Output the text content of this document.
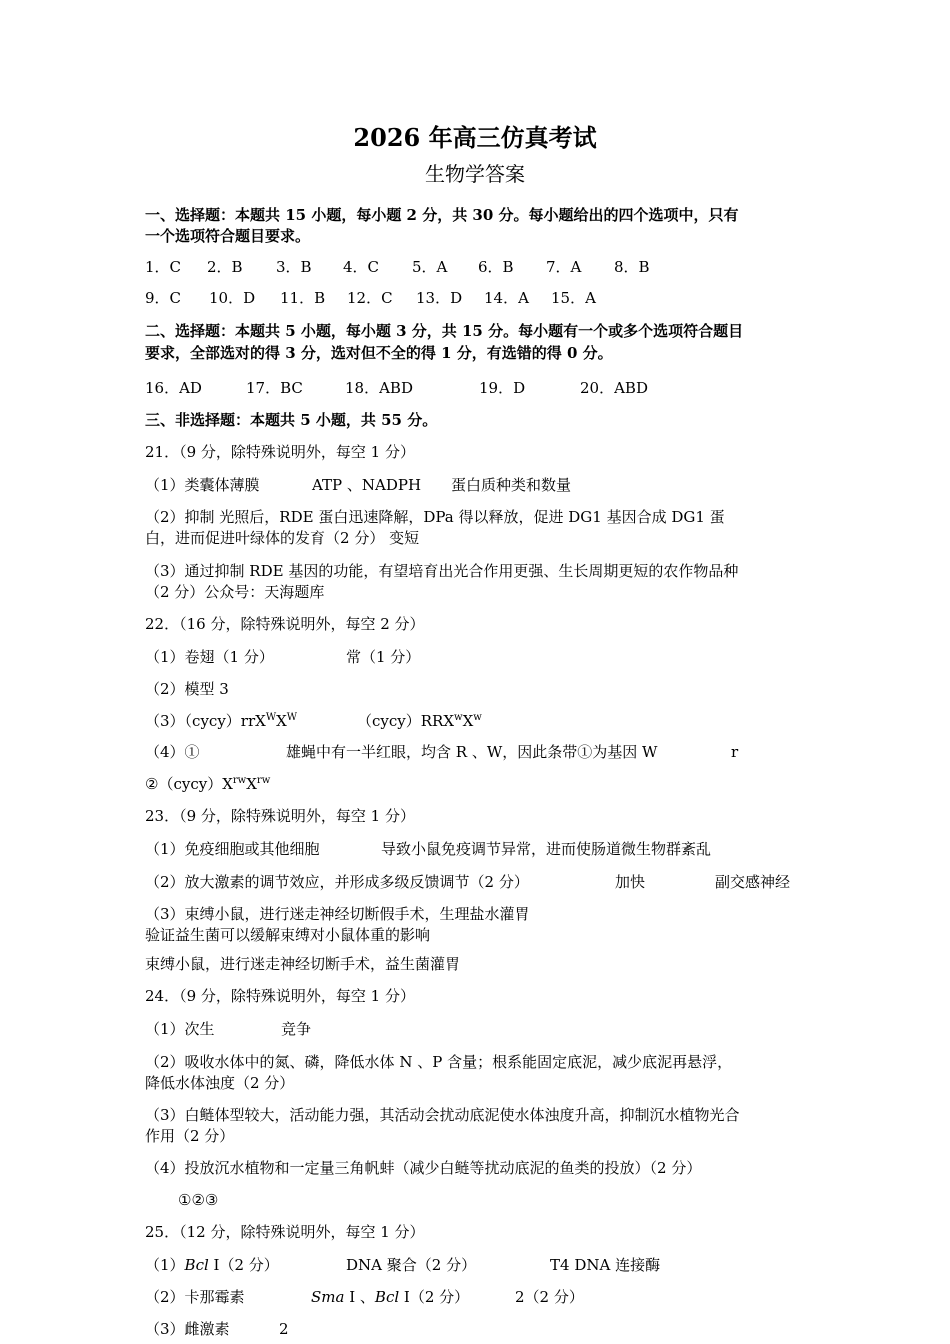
2026 年高三仿真考试
生物学答案
一、选择题：本题共 15 小题，每小题 2 分，共 30 分。每小题给出的四个选项中，只有
一个选项符合题目要求。
1．C 2．B 3．B 4．C 5．A 6．B 7．A 8．B
9．C 10．D 11．B 12．C 13．D 14．A 15．A
二、选择题：本题共 5 小题，每小题 3 分，共 15 分。每小题有一个或多个选项符合题目
要求，全部选对的得 3 分，选对但不全的得 1 分，有选错的得 0 分。
16．AD	17．BC	18．ABD	19．D	20．ABD
三、非选择题：本题共 5 小题，共 55 分。
21．（9 分，除特殊说明外，每空 1 分）
（1）类囊体薄膜	ATP 、NADPH 蛋白质种类和数量
（2）抑制 光照后，RDE 蛋白迅速降解，DPa 得以释放，促进 DG1 基因合成 DG1 蛋
白，进而促进叶绿体的发育（2 分） 变短
（3）通过抑制 RDE 基因的功能，有望培育出光合作用更强、生长周期更短的农作物品种
（2 分）公众号：天海题库
22．（16 分，除特殊说明外，每空 2 分）
（1）卷翅（1 分）	常（1 分）
（2）模型 3
$(3)(cycy)rrX^WX^W$	$(cycy)RRX^wX^w$
（4）①	雄蝇中有一半红眼，均含 R 、W，因此条带①为基因 W	r
$②(cycy)X^{rw}X^{rw}$
23．（9 分，除特殊说明外，每空 1 分）
（1）免疫细胞或其他细胞	导致小鼠免疫调节异常，进而使肠道微生物群紊乱
（2）放大激素的调节效应，并形成多级反馈调节（2 分）	加快	副交感神经
（3）束缚小鼠，进行迷走神经切断假手术，生理盐水灌胃
验证益生菌可以缓解束缚对小鼠体重的影响
束缚小鼠，进行迷走神经切断手术，益生菌灌胃
24．（9 分，除特殊说明外，每空 1 分）
（1）次生	竞争
（2）吸收水体中的氮、磷，降低水体 N 、P 含量；根系能固定底泥，减少底泥再悬浮，
降低水体浊度（2 分）
（3）白鲢体型较大，活动能力强，其活动会扰动底泥使水体浊度升高，抑制沉水植物光合
作用（2 分）
（4）投放沉水植物和一定量三角帆蚌（减少白鲢等扰动底泥的鱼类的投放）（2 分）
①②③
25．（12 分，除特殊说明外，每空 1 分）
（1）Bcl I（2 分）	DNA 聚合（2 分）	T4 DNA 连接酶
（2）卡那霉素	Sma I 、Bcl I（2 分）	2（2 分）
（3）雌激素	2
